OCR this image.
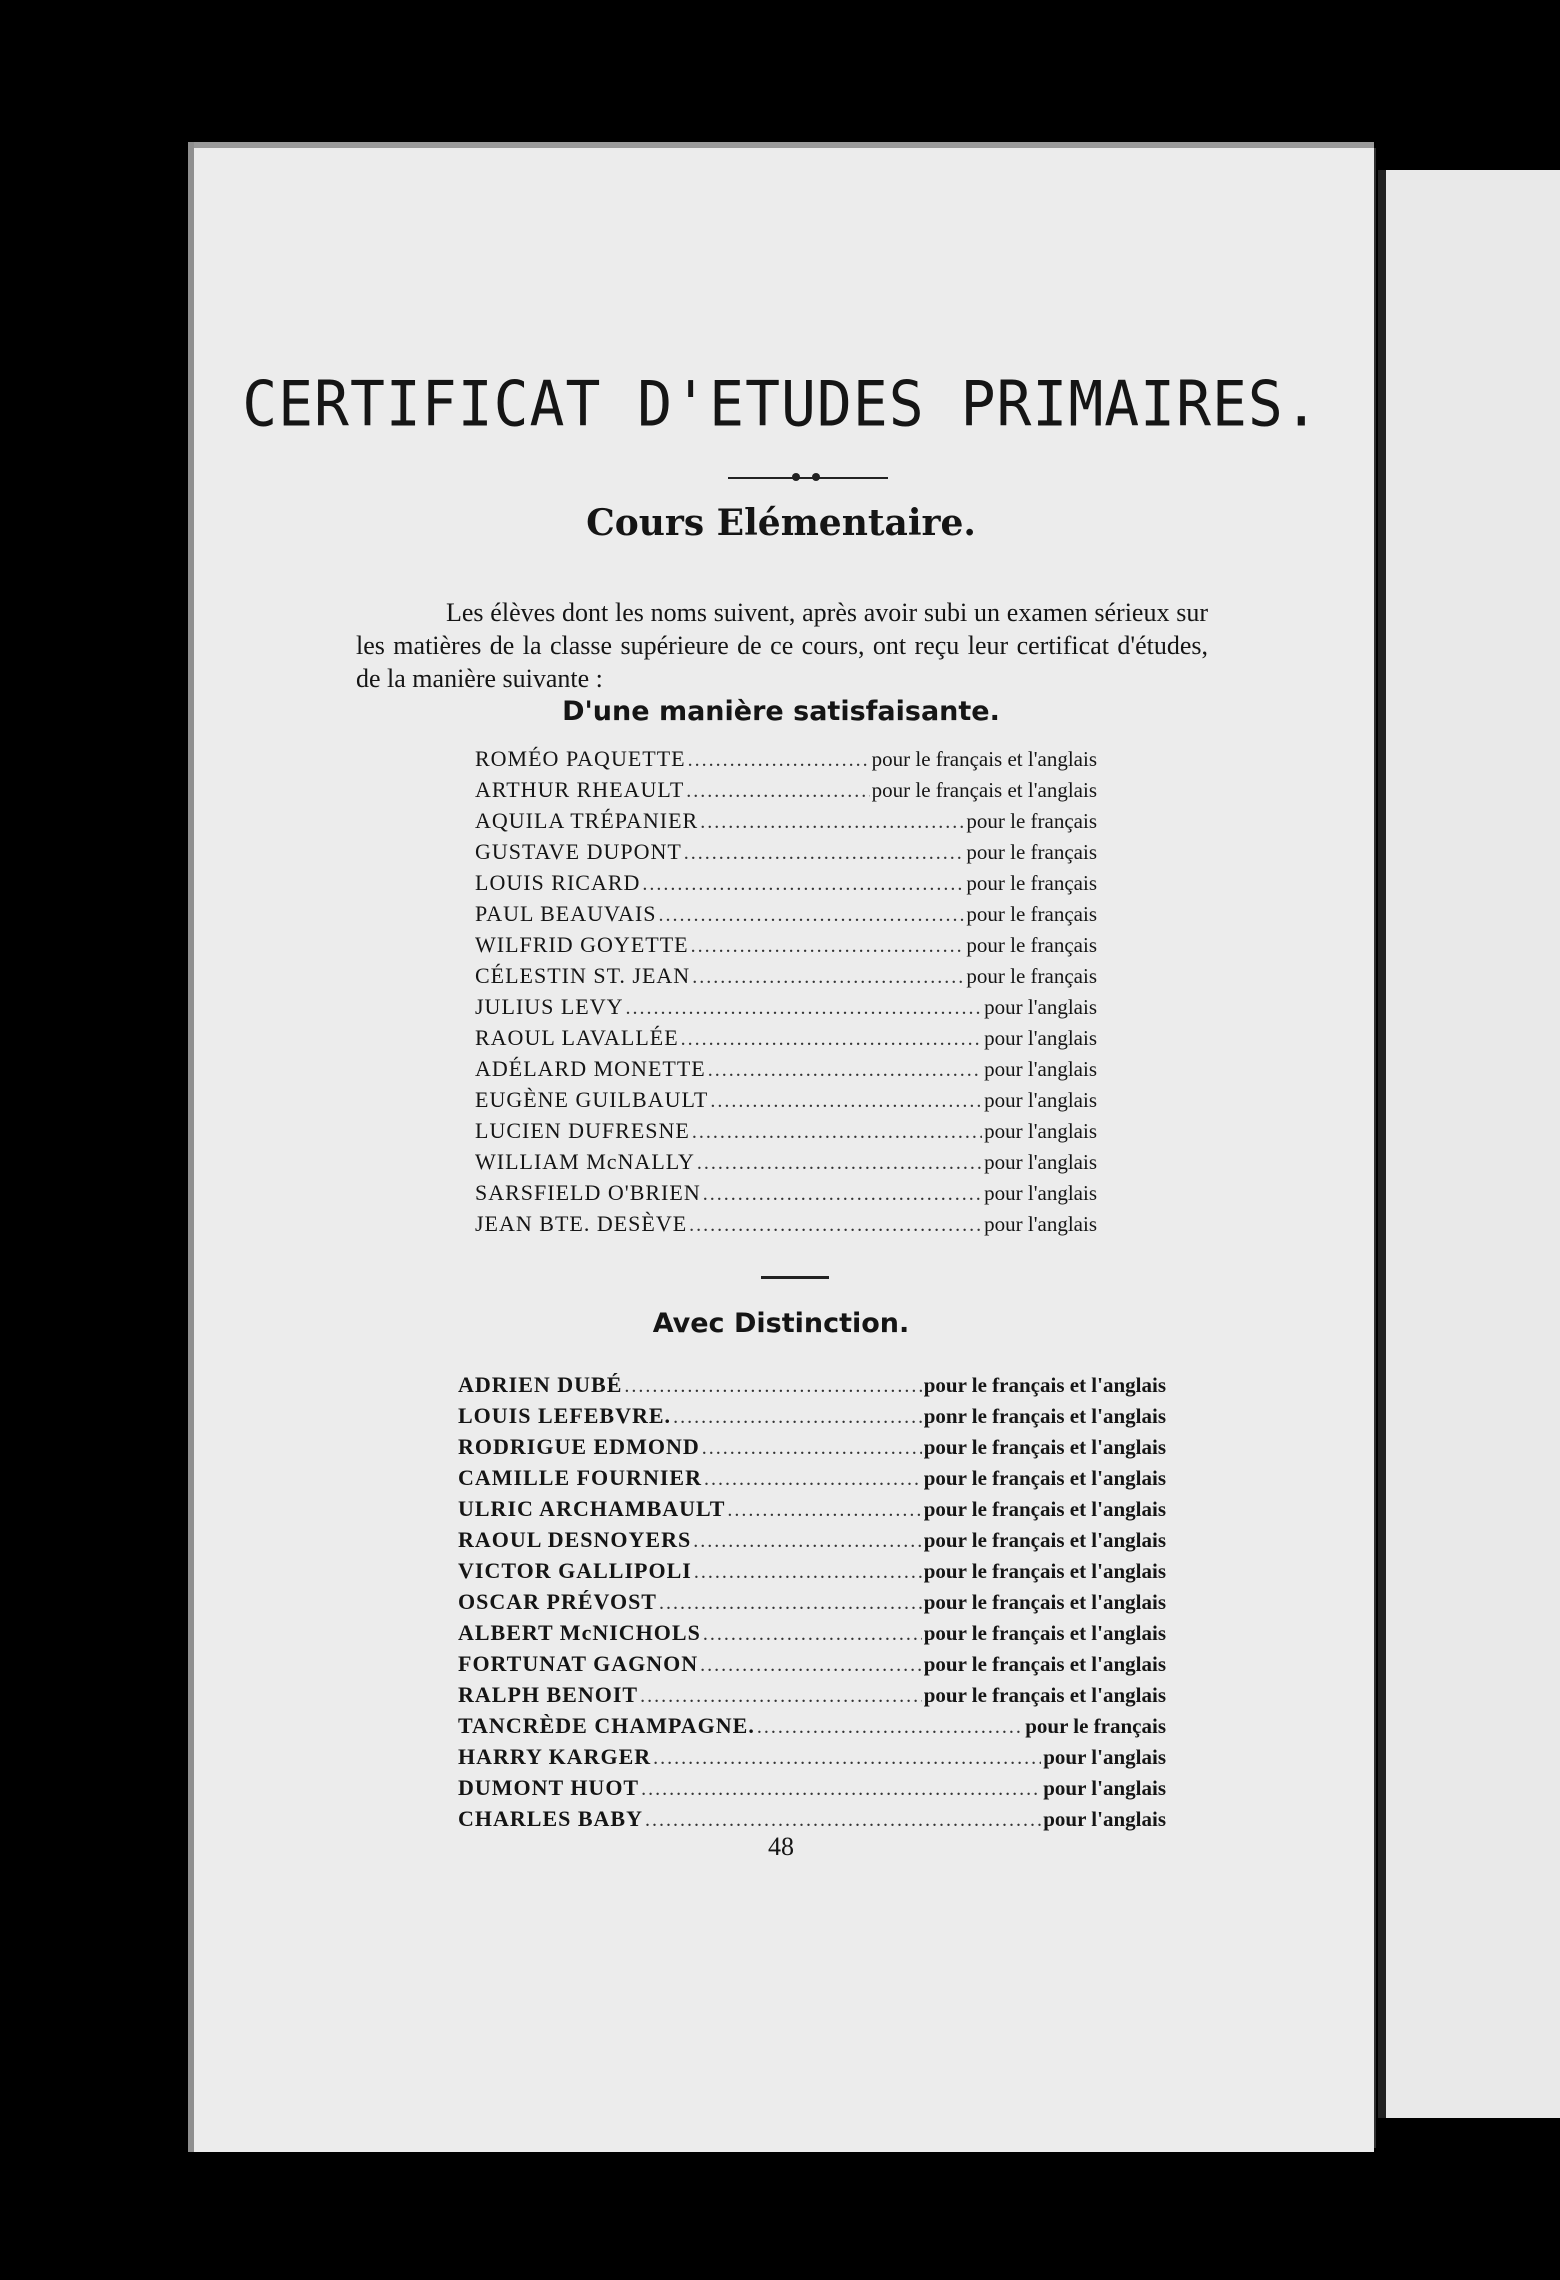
CERTIFICAT D'ETUDES PRIMAIRES.
Cours Elémentaire.

Les élèves dont les noms suivent, après avoir subi un examen sérieux sur les matières de la classe supérieure de ce cours, ont reçu leur certificat d'études, de la manière suivante :

D'une manière satisfaisante.
ROMÉO PAQUETTE .....	pour le français et l'anglais
ARTHUR RHEAULT .....	pour le français et l'anglais
AQUILA TRÉPANIER .....	pour le français
GUSTAVE DUPONT .....	pour le français
LOUIS RICARD .....	pour le français
PAUL BEAUVAIS .....	pour le français
WILFRID GOYETTE .....	pour le français
CÉLESTIN ST. JEAN .....	pour le français
JULIUS LEVY .....	pour l'anglais
RAOUL LAVALLÉE .....	pour l'anglais
ADÉLARD MONETTE .....	pour l'anglais
EUGÈNE GUILBAULT .....	pour l'anglais
LUCIEN DUFRESNE .....	pour l'anglais
WILLIAM McNALLY .....	pour l'anglais
SARSFIELD O'BRIEN .....	pour l'anglais
JEAN BTE. DESÈVE .....	pour l'anglais
Avec Distinction.
ADRIEN DUBÉ .....	pour le français et l'anglais
LOUIS LEFEBVRE. .....	ponr le français et l'anglais
RODRIGUE EDMOND .....	pour le français et l'anglais
CAMILLE FOURNIER .....	pour le français et l'anglais
ULRIC ARCHAMBAULT .....	pour le français et l'anglais
RAOUL DESNOYERS .....	pour le français et l'anglais
VICTOR GALLIPOLI .....	pour le français et l'anglais
OSCAR PRÉVOST .....	pour le français et l'anglais
ALBERT McNICHOLS .....	pour le français et l'anglais
FORTUNAT GAGNON .....	pour le français et l'anglais
RALPH BENOIT .....	pour le français et l'anglais
TANCRÈDE CHAMPAGNE. .....	pour le français
HARRY KARGER .....	pour l'anglais
DUMONT HUOT .....	pour l'anglais
CHARLES BABY .....	pour l'anglais
48
